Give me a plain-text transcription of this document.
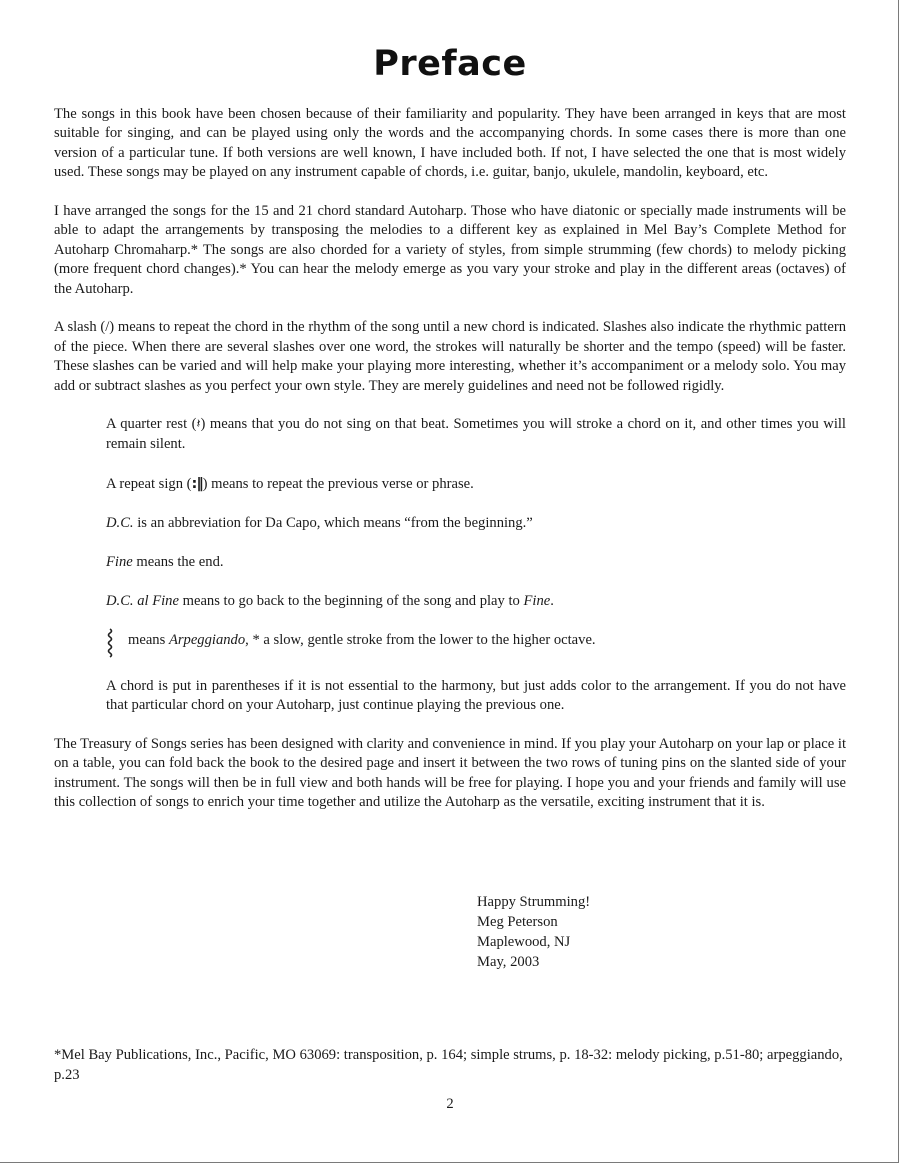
Preface

The songs in this book have been chosen because of their familiarity and popularity. They have been arranged in keys that are most suitable for singing, and can be played using only the words and the accompanying chords. In some cases there is more than one version of a particular tune. If both versions are well known, I have included both. If not, I have selected the one that is most widely used. These songs may be played on any instrument capable of chords, i.e. guitar, banjo, ukulele, mandolin, keyboard, etc.

I have arranged the songs for the 15 and 21 chord standard Autoharp. Those who have diatonic or specially made instruments will be able to adapt the arrangements by transposing the melodies to a different key as explained in Mel Bay’s Complete Method for Autoharp Chromaharp.* The songs are also chorded for a variety of styles, from simple strumming (few chords) to melody picking (more frequent chord changes).* You can hear the melody emerge as you vary your stroke and play in the different areas (octaves) of the Autoharp.

A slash (/) means to repeat the chord in the rhythm of the song until a new chord is indicated. Slashes also indicate the rhythmic pattern of the piece. When there are several slashes over one word, the strokes will naturally be shorter and the tempo (speed) will be faster. These slashes can be varied and will help make your playing more interesting, whether it’s accompaniment or a melody solo. You may add or subtract slashes as you perfect your own style. They are merely guidelines and need not be followed rigidly.

A quarter rest (𝄽) means that you do not sing on that beat. Sometimes you will stroke a chord on it, and other times you will remain silent.

A repeat sign (:‖) means to repeat the previous verse or phrase.

D.C. is an abbreviation for Da Capo, which means “from the beginning.”

Fine means the end.

D.C. al Fine means to go back to the beginning of the song and play to Fine.

means Arpeggiando, * a slow, gentle stroke from the lower to the higher octave.

A chord is put in parentheses if it is not essential to the harmony, but just adds color to the arrangement. If you do not have that particular chord on your Autoharp, just continue playing the previous one.

The Treasury of Songs series has been designed with clarity and convenience in mind. If you play your Autoharp on your lap or place it on a table, you can fold back the book to the desired page and insert it between the two rows of tuning pins on the slanted side of your instrument. The songs will then be in full view and both hands will be free for playing. I hope you and your friends and family will use this collection of songs to enrich your time together and utilize the Autoharp as the versatile, exciting instrument that it is.

Happy Strumming!
Meg Peterson
Maplewood, NJ
May, 2003
*Mel Bay Publications, Inc., Pacific, MO 63069: transposition, p. 164; simple strums, p. 18-32: melody picking, p.51-80; arpeggiando, p.23
2
